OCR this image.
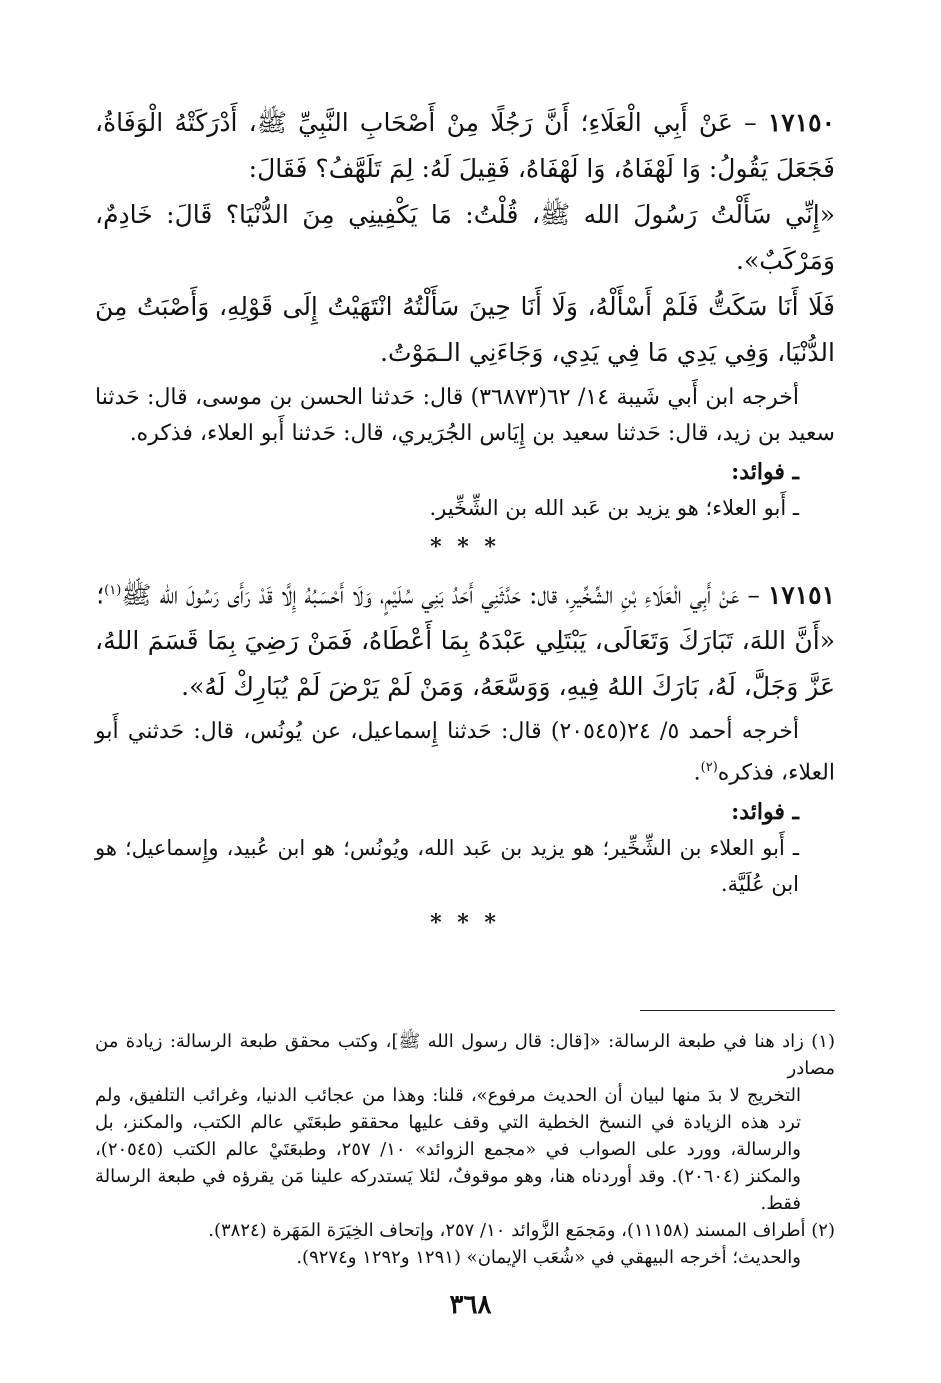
١٧١٥٠ – عَنْ أَبِي الْعَلَاءِ؛ أَنَّ رَجُلًا مِنْ أَصْحَابِ النَّبِيِّ ﷺ، أَدْرَكَتْهُ الْوَفَاةُ، فَجَعَلَ يَقُولُ: وَا لَهْفَاهُ، وَا لَهْفَاهُ، فَقِيلَ لَهُ: لِمَ تَلَهَّفُ؟ فَقَالَ:

«إِنِّي سَأَلْتُ رَسُولَ الله ﷺ، قُلْتُ: مَا يَكْفِينِي مِنَ الدُّنْيَا؟ قَالَ: خَادِمٌ، وَمَرْكَبٌ».

فَلَا أَنَا سَكَتُّ فَلَمْ أَسْأَلْهُ، وَلَا أَنَا حِينَ سَأَلْتُهُ انْتَهَيْتُ إِلَى قَوْلِهِ، وَأَصْبَتُ مِنَ الدُّنْيَا، وَفِي يَدِي مَا فِي يَدِي، وَجَاءَنِي الـمَوْتُ.

أخرجه ابن أَبي شَيبة ١٤/ ٦٢(٣٦٨٧٣) قال: حَدثنا الحسن بن موسى، قال: حَدثنا سعيد بن زيد، قال: حَدثنا سعيد بن إِيَاس الجُرَيري، قال: حَدثنا أَبو العلاء، فذكره.

ـ فوائد:

ـ أَبو العلاء؛ هو يزيد بن عَبد الله بن الشِّخِّير.

* * *

١٧١٥١ – عَنْ أَبِي الْعَلَاءِ بْنِ الشِّخِّيرِ، قال: حَدَّثَنِي أَحَدُ بَنِي سُلَيْمٍ، وَلَا أَحْسَبُهُ إِلَّا قَدْ رَأَى رَسُولَ الله ﷺ$^{(١)}$؛

«أَنَّ اللهَ، تَبَارَكَ وَتَعَالَى، يَبْتَلِي عَبْدَهُ بِمَا أَعْطَاهُ، فَمَنْ رَضِيَ بِمَا قَسَمَ اللهُ، عَزَّ وَجَلَّ، لَهُ، بَارَكَ اللهُ فِيهِ، وَوَسَّعَهُ، وَمَنْ لَمْ يَرْضَ لَمْ يُبَارِكْ لَهُ».

أخرجه أحمد ٥/ ٢٤(٢٠٥٤٥) قال: حَدثنا إِسماعيل، عن يُونُس، قال: حَدثني أَبو العلاء، فذكره$^{(٢)}$.

ـ فوائد:

ـ أَبو العلاء بن الشِّخِّير؛ هو يزيد بن عَبد الله، ويُونُس؛ هو ابن عُبيد، وإِسماعيل؛ هو ابن عُلَيَّة.

* * *

(١) زاد هنا في طبعة الرسالة: «[قال: قال رسول الله ﷺ]، وكتب محقق طبعة الرسالة: زيادة من مصادر

التخريج لا بدَ منها لبيان أن الحديث مرفوع»، قلنا: وهذا من عجائب الدنيا، وغرائب التلفيق، ولم ترد هذه الزيادة في النسخ الخطية التي وقف عليها محققو طبعَتَي عالم الكتب، والمكنز، بل والرسالة، وورد على الصواب في «مجمع الزوائد» ١٠/ ٢٥٧، وطبعَتَيْ عالم الكتب (٢٠٥٤٥)، والمكنز (٢٠٦٠٤). وقد أوردناه هنا، وهو موقوفٌ، لئلا يَستدركه علينا مَن يقرؤه في طبعة الرسالة فقط.

(٢) أطراف المسند (١١١٥٨)، ومَجمَع الزَّوائد ١٠/ ٢٥٧، وإتحاف الخِيَرَة المَهَرة (٣٨٢٤).

والحديث؛ أخرجه البيهقي في «شُعَب الإيمان» (١٢٩١ و١٢٩٢ و٩٢٧٤).

٣٦٨
